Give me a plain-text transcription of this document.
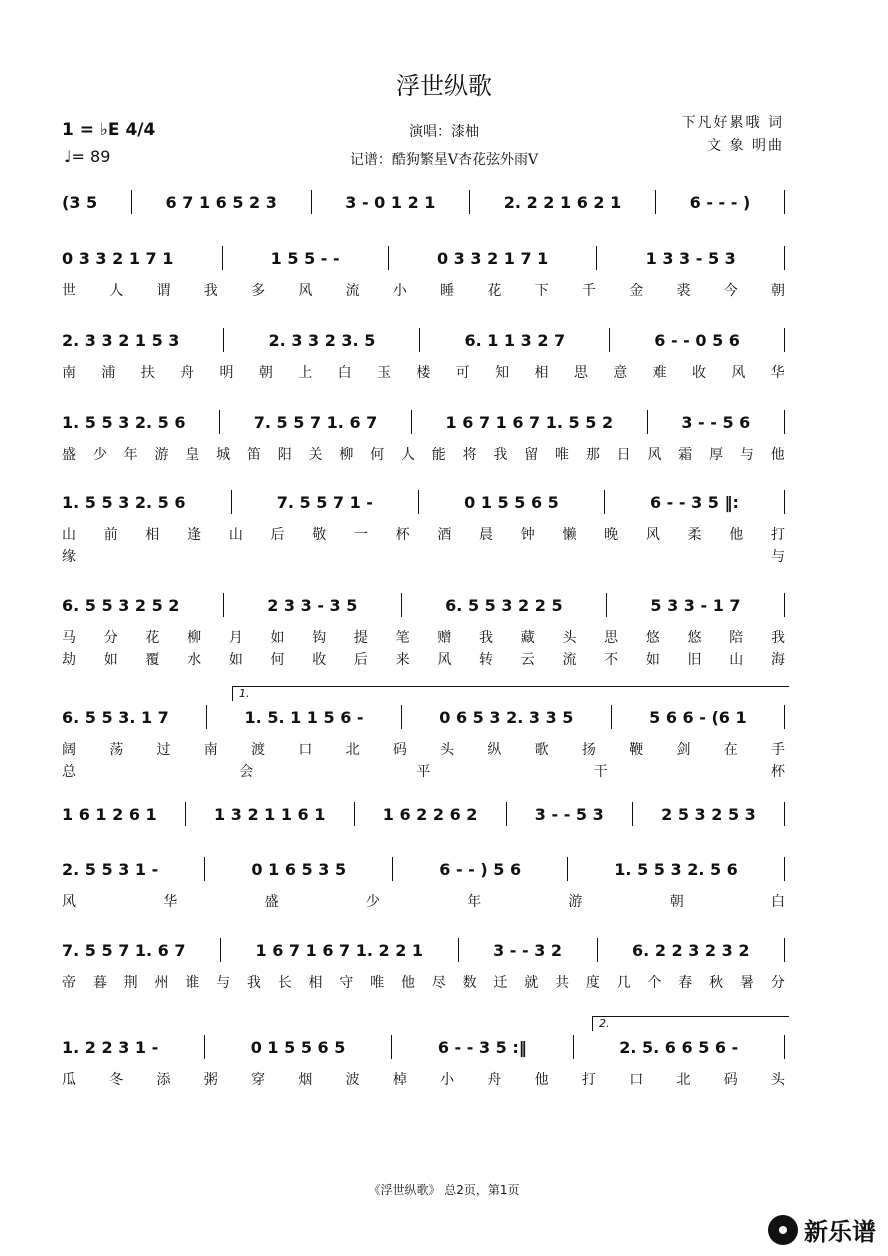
浮世纵歌
1 = ♭E 4/4
♩= 89
演唱：漆柚
记谱：酷狗繁星V杏花弦外雨V
下凡好累哦 词
文 象 明曲
(3 5	6 7 1 6 5 2 3	3 - 0 1 2 1	2. 2 2 1 6 2 1	6 - - - )
0 3 3 2 1 7 1	1 5 5 - -	0 3 3 2 1 7 1	1 3 3 - 5 3
世 人 谓 我 多 风 流 小 睡 花 下 千 金 裘 今 朝
2. 3 3 2 1 5 3	2. 3 3 2 3. 5	6. 1 1 3 2 7	6 - - 0 5 6
南 浦 扶 舟 明 朝 上 白 玉 楼 可 知 相 思 意 难 收 风 华
1. 5 5 3 2. 5 6	7. 5 5 7 1. 6 7	1 6 7 1 6 7 1. 5 5 2	3 - - 5 6
盛 少 年 游 皇 城 笛 阳 关 柳 何 人 能 将 我 留 唯 那 日 风 霜 厚 与 他
1. 5 5 3 2. 5 6	7. 5 5 7 1 -	0 1 5 5 6 5	6 - - 3 5 ‖:
山 前 相 逢 山 后 敬 一 杯 酒 晨 钟 懒 晚 风 柔 他 打
缘	与
6. 5 5 3 2 5 2	2 3 3 - 3 5	6. 5 5 3 2 2 5	5 3 3 - 1 7
马 分 花 柳 月 如 钩 提 笔 赠 我 藏 头 思 悠 悠 陪 我
劫 如 覆 水 如 何 收 后 来 风 转 云 流 不 如 旧 山 海
6. 5 5 3. 1 7	1. 5. 1 1 5 6 -	0 6 5 3 2. 3 3 5	5 6 6 - (6 1
阔 荡 过 南 渡 口 北 码 头 纵 歌 扬 鞭 剑 在 手
总	会	平	干	杯
1 6 1 2 6 1	1 3 2 1 1 6 1	1 6 2 2 6 2	3 - - 5 3	2 5 3 2 5 3
2. 5 5 3 1 -	0 1 6 5 3 5	6 - - ) 5 6	1. 5 5 3 2. 5 6
风	华	盛	少	年	游	朝	白
7. 5 5 7 1. 6 7	1 6 7 1 6 7 1. 2 2 1	3 - - 3 2	6. 2 2 3 2 3 2
帝 暮 荆 州 谁 与 我 长 相 守 唯 他 尽 数 迁 就 共 度 几 个 春 秋 暑 分
1. 2 2 3 1 -	0 1 5 5 6 5	6 - - 3 5 :‖	2. 5. 6 6 5 6 -
瓜 冬 添 粥 穿 烟 波 棹 小 舟 他 打 口 北 码 头
1.
2.
《浮世纵歌》 总2页，第1页
新乐谱
